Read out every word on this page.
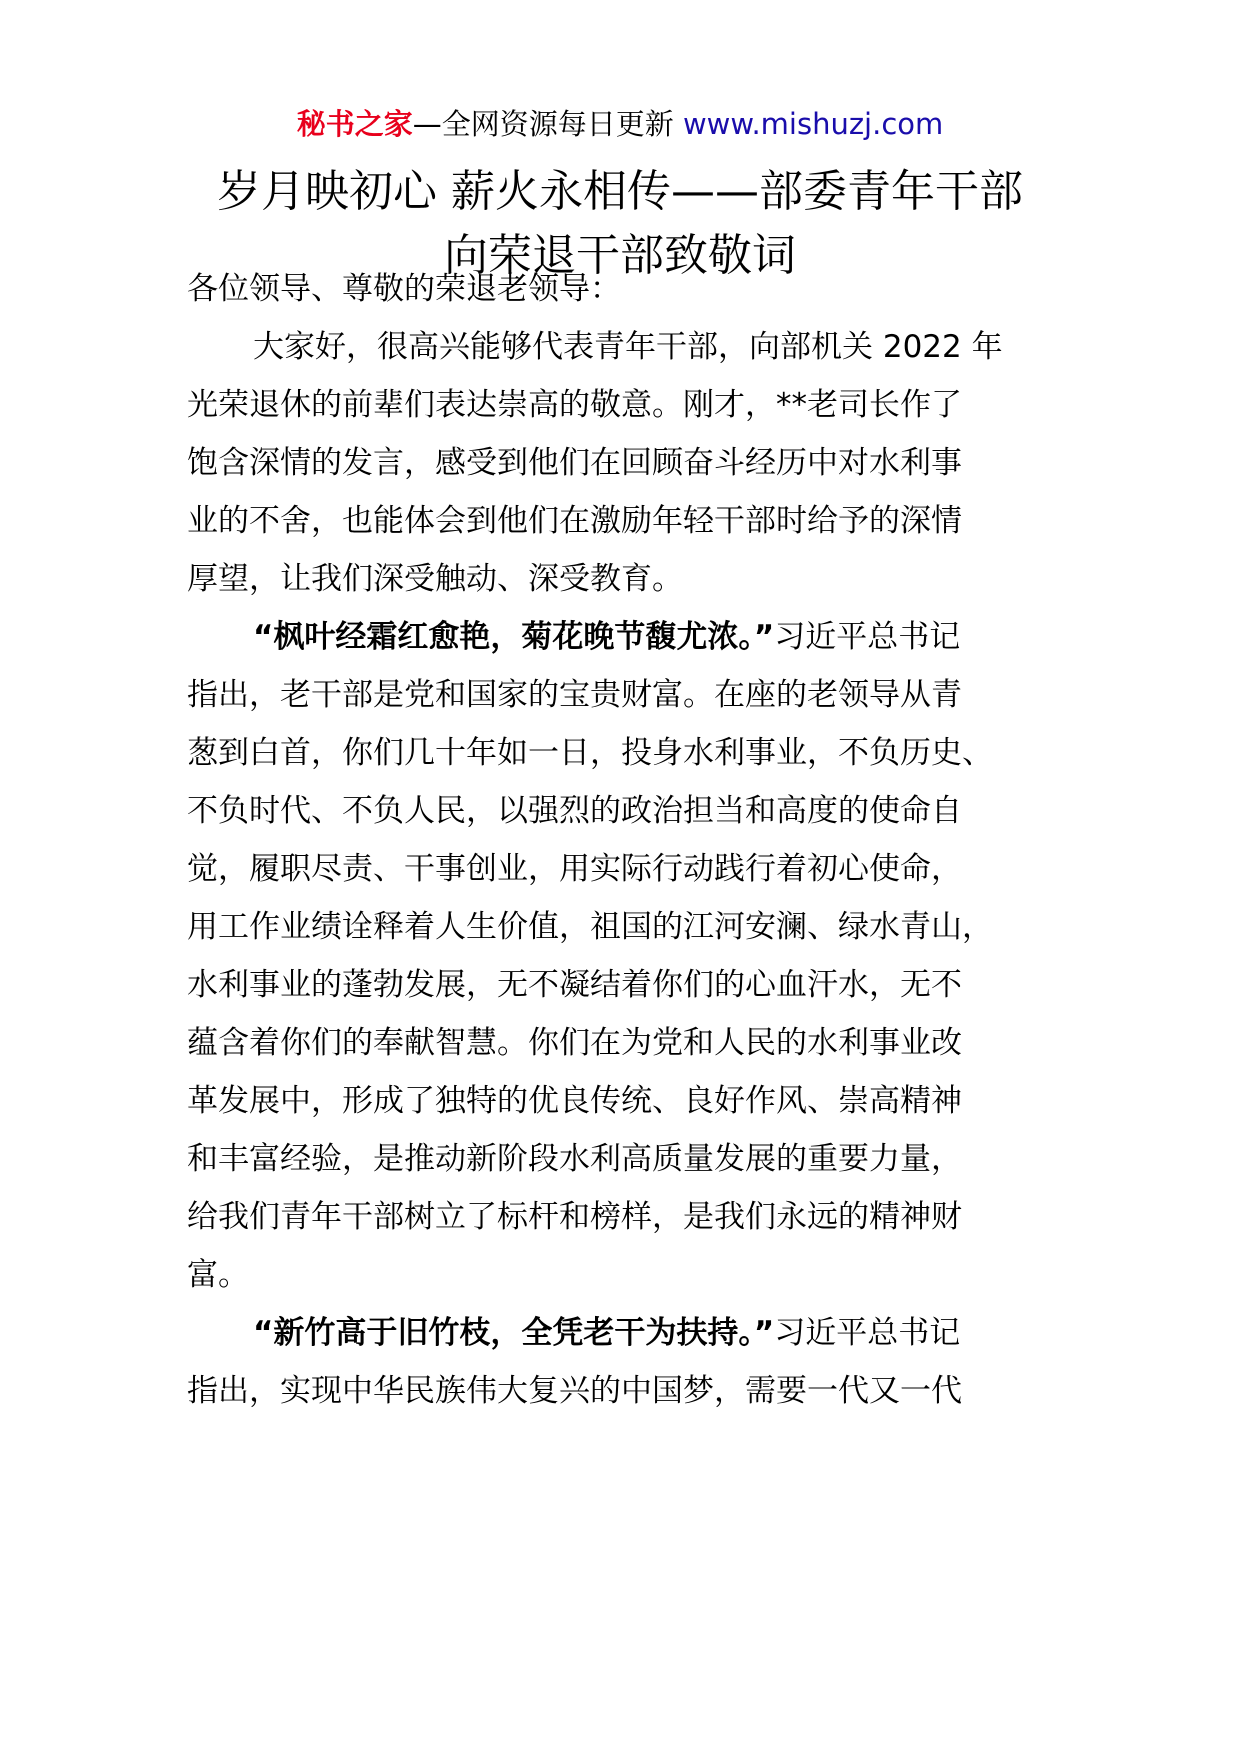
秘书之家—全网资源每日更新 www.mishuzj.com
岁月映初心 薪火永相传——部委青年干部
向荣退干部致敬词
各位领导、尊敬的荣退老领导：
大家好，很高兴能够代表青年干部，向部机关 2022 年
光荣退休的前辈们表达崇高的敬意。刚才，**老司长作了
饱含深情的发言，感受到他们在回顾奋斗经历中对水利事
业的不舍，也能体会到他们在激励年轻干部时给予的深情
厚望，让我们深受触动、深受教育。
“枫叶经霜红愈艳，菊花晚节馥尤浓。”习近平总书记
指出，老干部是党和国家的宝贵财富。在座的老领导从青
葱到白首，你们几十年如一日，投身水利事业，不负历史、
不负时代、不负人民，以强烈的政治担当和高度的使命自
觉，履职尽责、干事创业，用实际行动践行着初心使命，
用工作业绩诠释着人生价值，祖国的江河安澜、绿水青山，
水利事业的蓬勃发展，无不凝结着你们的心血汗水，无不
蕴含着你们的奉献智慧。你们在为党和人民的水利事业改
革发展中，形成了独特的优良传统、良好作风、崇高精神
和丰富经验，是推动新阶段水利高质量发展的重要力量，
给我们青年干部树立了标杆和榜样，是我们永远的精神财
富。
“新竹高于旧竹枝，全凭老干为扶持。”习近平总书记
指出，实现中华民族伟大复兴的中国梦，需要一代又一代
